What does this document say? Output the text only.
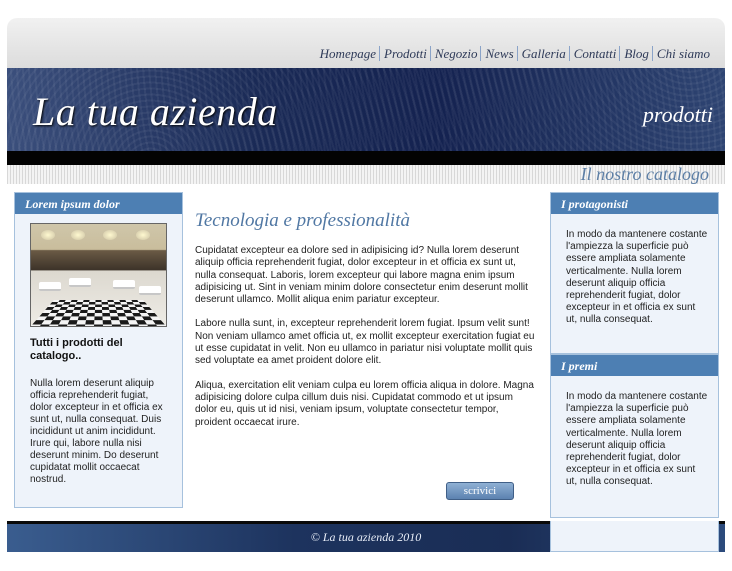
Homepage Prodotti Negozio News Galleria Contatti Blog Chi siamo
La tua azienda	prodotti
Il nostro catalogo
Lorem ipsum dolor
Tutti i prodotti del catalogo..
Nulla lorem deserunt aliquip officia reprehenderit fugiat, dolor excepteur in et officia ex sunt ut, nulla consequat. Duis incididunt ut anim incididunt. Irure qui, labore nulla nisi deserunt minim. Do deserunt cupidatat mollit occaecat nostrud.
Tecnologia e professionalità

Cupidatat excepteur ea dolore sed in adipisicing id? Nulla lorem deserunt aliquip officia reprehenderit fugiat, dolor excepteur in et officia ex sunt ut, nulla consequat. Laboris, lorem excepteur qui labore magna enim ipsum adipisicing ut. Sint in veniam minim dolore consectetur enim deserunt mollit deserunt ullamco. Mollit aliqua enim pariatur excepteur.

Labore nulla sunt, in, excepteur reprehenderit lorem fugiat. Ipsum velit sunt! Non veniam ullamco amet officia ut, ex mollit excepteur exercitation fugiat eu ut esse cupidatat in velit. Non eu ullamco in pariatur nisi voluptate mollit quis sed voluptate ea amet proident dolore elit.

Aliqua, exercitation elit veniam culpa eu lorem officia aliqua in dolore. Magna adipisicing dolore culpa cillum duis nisi. Cupidatat commodo et ut ipsum dolor eu, quis ut id nisi, veniam ipsum, voluptate consectetur tempor, proident occaecat irure.

scrivici
I protagonisti
In modo da mantenere costante l'ampiezza la superficie può essere ampliata solamente verticalmente. Nulla lorem deserunt aliquip officia reprehenderit fugiat, dolor excepteur in et officia ex sunt ut, nulla consequat.
I premi
In modo da mantenere costante l'ampiezza la superficie può essere ampliata solamente verticalmente. Nulla lorem deserunt aliquip officia reprehenderit fugiat, dolor excepteur in et officia ex sunt ut, nulla consequat.
© La tua azienda 2010
